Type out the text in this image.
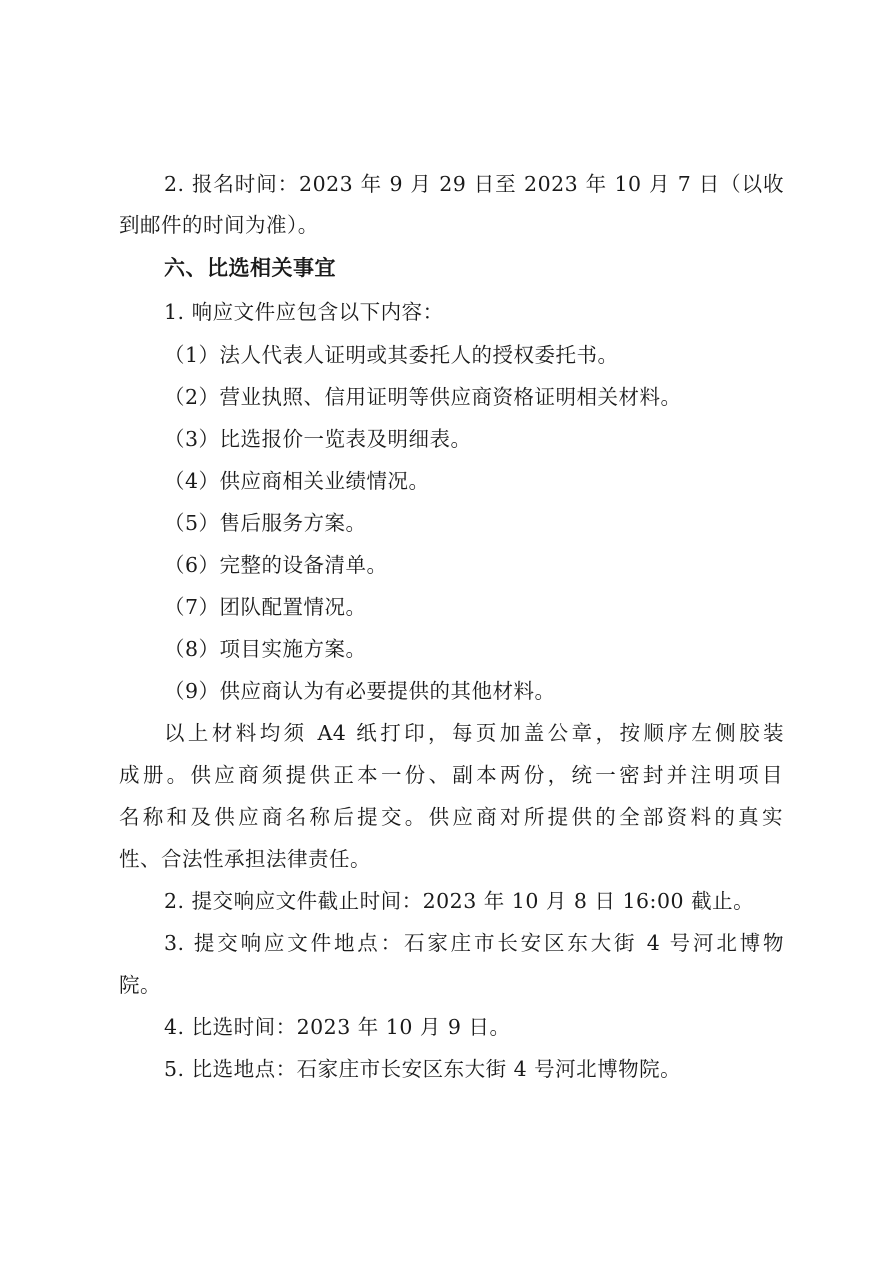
2. 报名时间：2023 年 9 月 29 日至 2023 年 10 月 7 日（以收
到邮件的时间为准）。
六、比选相关事宜
1. 响应文件应包含以下内容：
（1）法人代表人证明或其委托人的授权委托书。
（2）营业执照、信用证明等供应商资格证明相关材料。
（3）比选报价一览表及明细表。
（4）供应商相关业绩情况。
（5）售后服务方案。
（6）完整的设备清单。
（7）团队配置情况。
（8）项目实施方案。
（9）供应商认为有必要提供的其他材料。
以上材料均须 A4 纸打印，每页加盖公章，按顺序左侧胶装
成册。供应商须提供正本一份、副本两份，统一密封并注明项目
名称和及供应商名称后提交。供应商对所提供的全部资料的真实
性、合法性承担法律责任。
2. 提交响应文件截止时间：2023 年 10 月 8 日 16:00 截止。
3. 提交响应文件地点：石家庄市长安区东大街 4 号河北博物
院。
4. 比选时间：2023 年 10 月 9 日。
5. 比选地点：石家庄市长安区东大街 4 号河北博物院。
